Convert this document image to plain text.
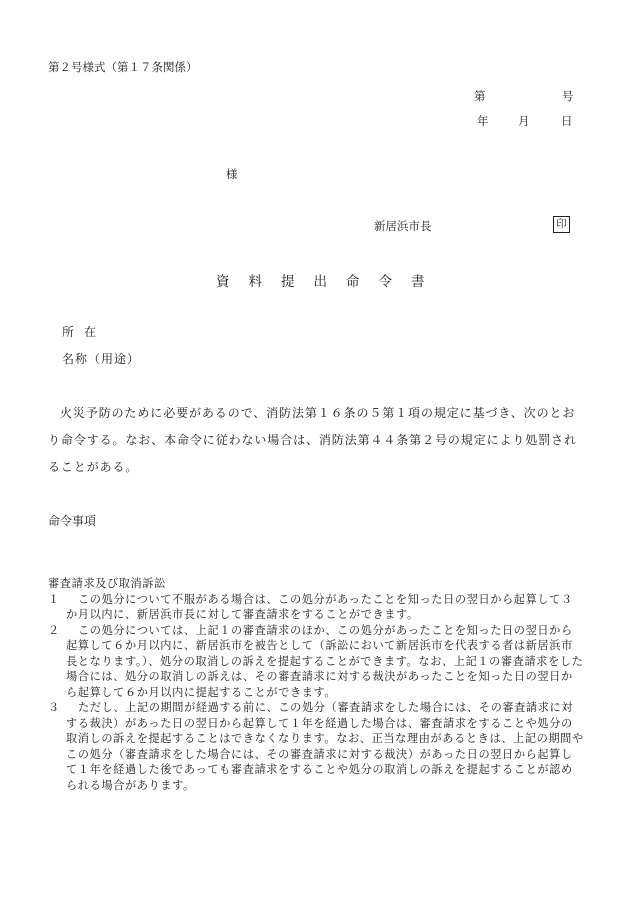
第２号様式（第１７条関係）
第	号
年	月	日
様
新居浜市長	印
資料提出命令書
所在
名称（用途）

火災予防のために必要があるので、消防法第１６条の５第１項の規定に基づき、次のとおり命令する。なお、本命令に従わない場合は、消防法第４４条第２号の規定により処罰されることがある。

命令事項

審査請求及び取消訴訟

１	この処分について不服がある場合は、この処分があったことを知った日の翌日から起算して３か月以内に、新居浜市長に対して審査請求をすることができます。
２	この処分については、上記１の審査請求のほか、この処分があったことを知った日の翌日から起算して６か月以内に、新居浜市を被告として（訴訟において新居浜市を代表する者は新居浜市長となります。）、処分の取消しの訴えを提起することができます。なお、上記１の審査請求をした場合には、処分の取消しの訴えは、その審査請求に対する裁決があったことを知った日の翌日から起算して６か月以内に提起することができます。
３	ただし、上記の期間が経過する前に、この処分（審査請求をした場合には、その審査請求に対する裁決）があった日の翌日から起算して１年を経過した場合は、審査請求をすることや処分の取消しの訴えを提起することはできなくなります。なお、正当な理由があるときは、上記の期間やこの処分（審査請求をした場合には、その審査請求に対する裁決）があった日の翌日から起算して１年を経過した後であっても審査請求をすることや処分の取消しの訴えを提起することが認められる場合があります。
